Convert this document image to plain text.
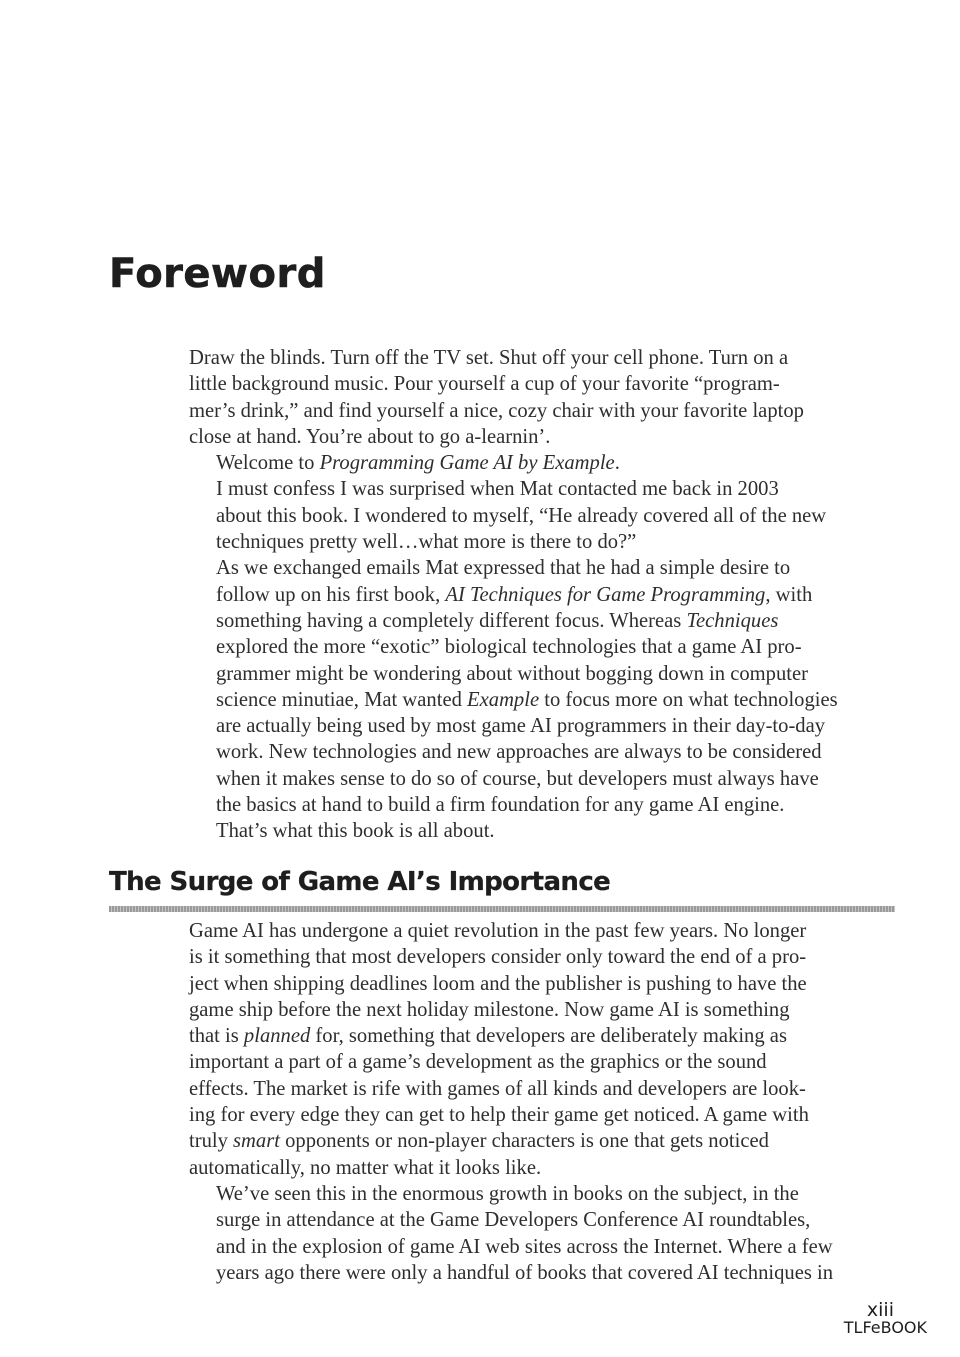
Foreword

Draw the blinds. Turn off the TV set. Shut off your cell phone. Turn on a
little background music. Pour yourself a cup of your favorite “program-
mer’s drink,” and find yourself a nice, cozy chair with your favorite laptop
close at hand. You’re about to go a-learnin’.

Welcome to Programming Game AI by Example.

I must confess I was surprised when Mat contacted me back in 2003
about this book. I wondered to myself, “He already covered all of the new
techniques pretty well…what more is there to do?”

As we exchanged emails Mat expressed that he had a simple desire to
follow up on his first book, AI Techniques for Game Programming, with
something having a completely different focus. Whereas Techniques
explored the more “exotic” biological technologies that a game AI pro-
grammer might be wondering about without bogging down in computer
science minutiae, Mat wanted Example to focus more on what technologies
are actually being used by most game AI programmers in their day-to-day
work. New technologies and new approaches are always to be considered
when it makes sense to do so of course, but developers must always have
the basics at hand to build a firm foundation for any game AI engine.
That’s what this book is all about.

The Surge of Game AI’s Importance

Game AI has undergone a quiet revolution in the past few years. No longer
is it something that most developers consider only toward the end of a pro-
ject when shipping deadlines loom and the publisher is pushing to have the
game ship before the next holiday milestone. Now game AI is something
that is planned for, something that developers are deliberately making as
important a part of a game’s development as the graphics or the sound
effects. The market is rife with games of all kinds and developers are look-
ing for every edge they can get to help their game get noticed. A game with
truly smart opponents or non-player characters is one that gets noticed
automatically, no matter what it looks like.

We’ve seen this in the enormous growth in books on the subject, in the
surge in attendance at the Game Developers Conference AI roundtables,
and in the explosion of game AI web sites across the Internet. Where a few
years ago there were only a handful of books that covered AI techniques in

xiii
TLFeBOOK
